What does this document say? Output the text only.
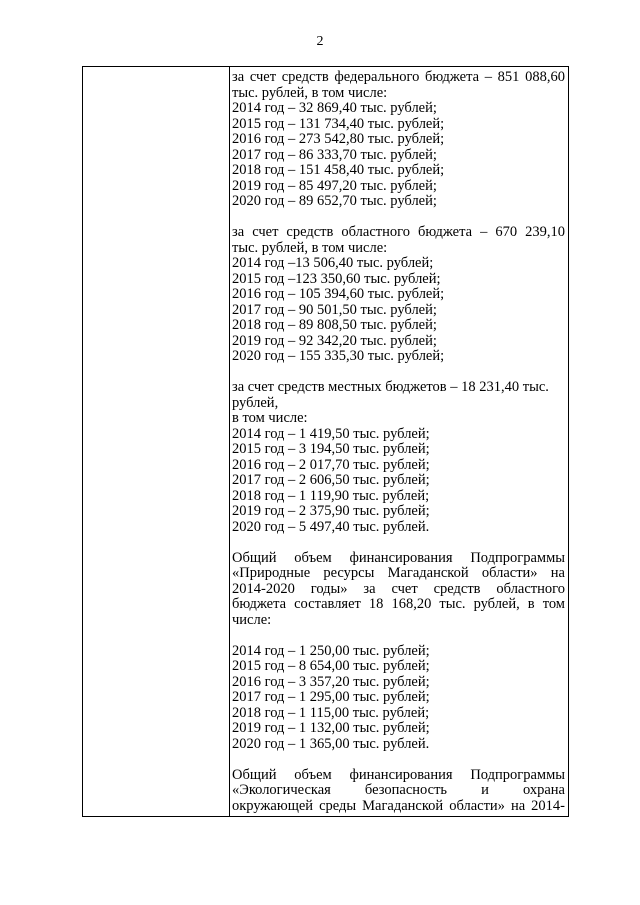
2
за счет средств федерального бюджета – 851 088,60
тыс. рублей, в том числе:
2014 год – 32 869,40 тыс. рублей;
2015 год – 131 734,40 тыс. рублей;
2016 год – 273 542,80 тыс. рублей;
2017 год – 86 333,70 тыс. рублей;
2018 год – 151 458,40 тыс. рублей;
2019 год – 85 497,20 тыс. рублей;
2020 год – 89 652,70 тыс. рублей;
за счет средств областного бюджета – 670 239,10
тыс. рублей, в том числе:
2014 год –13 506,40 тыс. рублей;
2015 год –123 350,60 тыс. рублей;
2016 год – 105 394,60 тыс. рублей;
2017 год – 90 501,50 тыс. рублей;
2018 год – 89 808,50 тыс. рублей;
2019 год – 92 342,20 тыс. рублей;
2020 год – 155 335,30 тыс. рублей;
за счет средств местных бюджетов – 18 231,40 тыс.
рублей,
в том числе:
2014 год – 1 419,50 тыс. рублей;
2015 год – 3 194,50 тыс. рублей;
2016 год – 2 017,70 тыс. рублей;
2017 год – 2 606,50 тыс. рублей;
2018 год – 1 119,90 тыс. рублей;
2019 год – 2 375,90 тыс. рублей;
2020 год – 5 497,40 тыс. рублей.
Общий объем финансирования Подпрограммы
«Природные ресурсы Магаданской области» на
2014-2020 годы» за счет средств областного
бюджета составляет 18 168,20 тыс. рублей, в том
числе:
2014 год – 1 250,00 тыс. рублей;
2015 год – 8 654,00 тыс. рублей;
2016 год – 3 357,20 тыс. рублей;
2017 год – 1 295,00 тыс. рублей;
2018 год – 1 115,00 тыс. рублей;
2019 год – 1 132,00 тыс. рублей;
2020 год – 1 365,00 тыс. рублей.
Общий объем финансирования Подпрограммы
«Экологическая безопасность и охрана
окружающей среды Магаданской области» на 2014-
